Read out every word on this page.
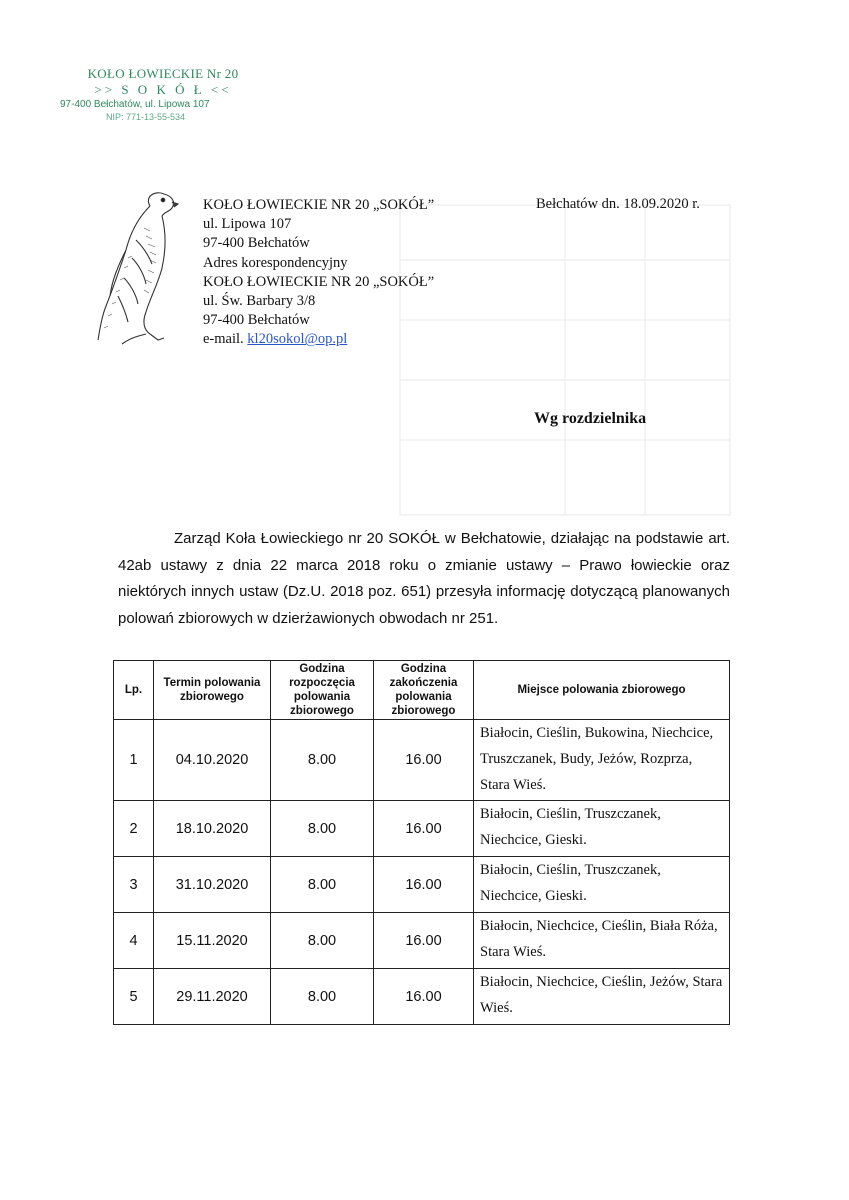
KOŁO ŁOWIECKIE Nr 20
>> S O K Ó Ł <<
97-400 Bełchatów, ul. Lipowa 107
NIP: 771-13-55-534
KOŁO ŁOWIECKIE NR 20 „SOKÓŁ”
ul. Lipowa 107
97-400 Bełchatów
Adres korespondencyjny
KOŁO ŁOWIECKIE NR 20 „SOKÓŁ”
ul. Św. Barbary 3/8
97-400 Bełchatów
e-mail. kl20sokol@op.pl
Bełchatów dn. 18.09.2020 r.
Wg rozdzielnika
Zarząd Koła Łowieckiego nr 20 SOKÓŁ w Bełchatowie, działając na podstawie art. 42ab ustawy z dnia 22 marca 2018 roku o zmianie ustawy – Prawo łowieckie oraz niektórych innych ustaw (Dz.U. 2018 poz. 651) przesyła informację dotyczącą planowanych polowań zbiorowych w dzierżawionych obwodach nr 251.
Lp.	Termin polowania zbiorowego	Godzina rozpoczęcia polowania zbiorowego	Godzina zakończenia polowania zbiorowego	Miejsce polowania zbiorowego
1	04.10.2020	8.00	16.00	Białocin, Cieślin, Bukowina, Niechcice, Truszczanek, Budy, Jeżów, Rozprza, Stara Wieś.
2	18.10.2020	8.00	16.00	Białocin, Cieślin, Truszczanek, Niechcice, Gieski.
3	31.10.2020	8.00	16.00	Białocin, Cieślin, Truszczanek, Niechcice, Gieski.
4	15.11.2020	8.00	16.00	Białocin, Niechcice, Cieślin, Biała Róża, Stara Wieś.
5	29.11.2020	8.00	16.00	Białocin, Niechcice, Cieślin, Jeżów, Stara Wieś.
